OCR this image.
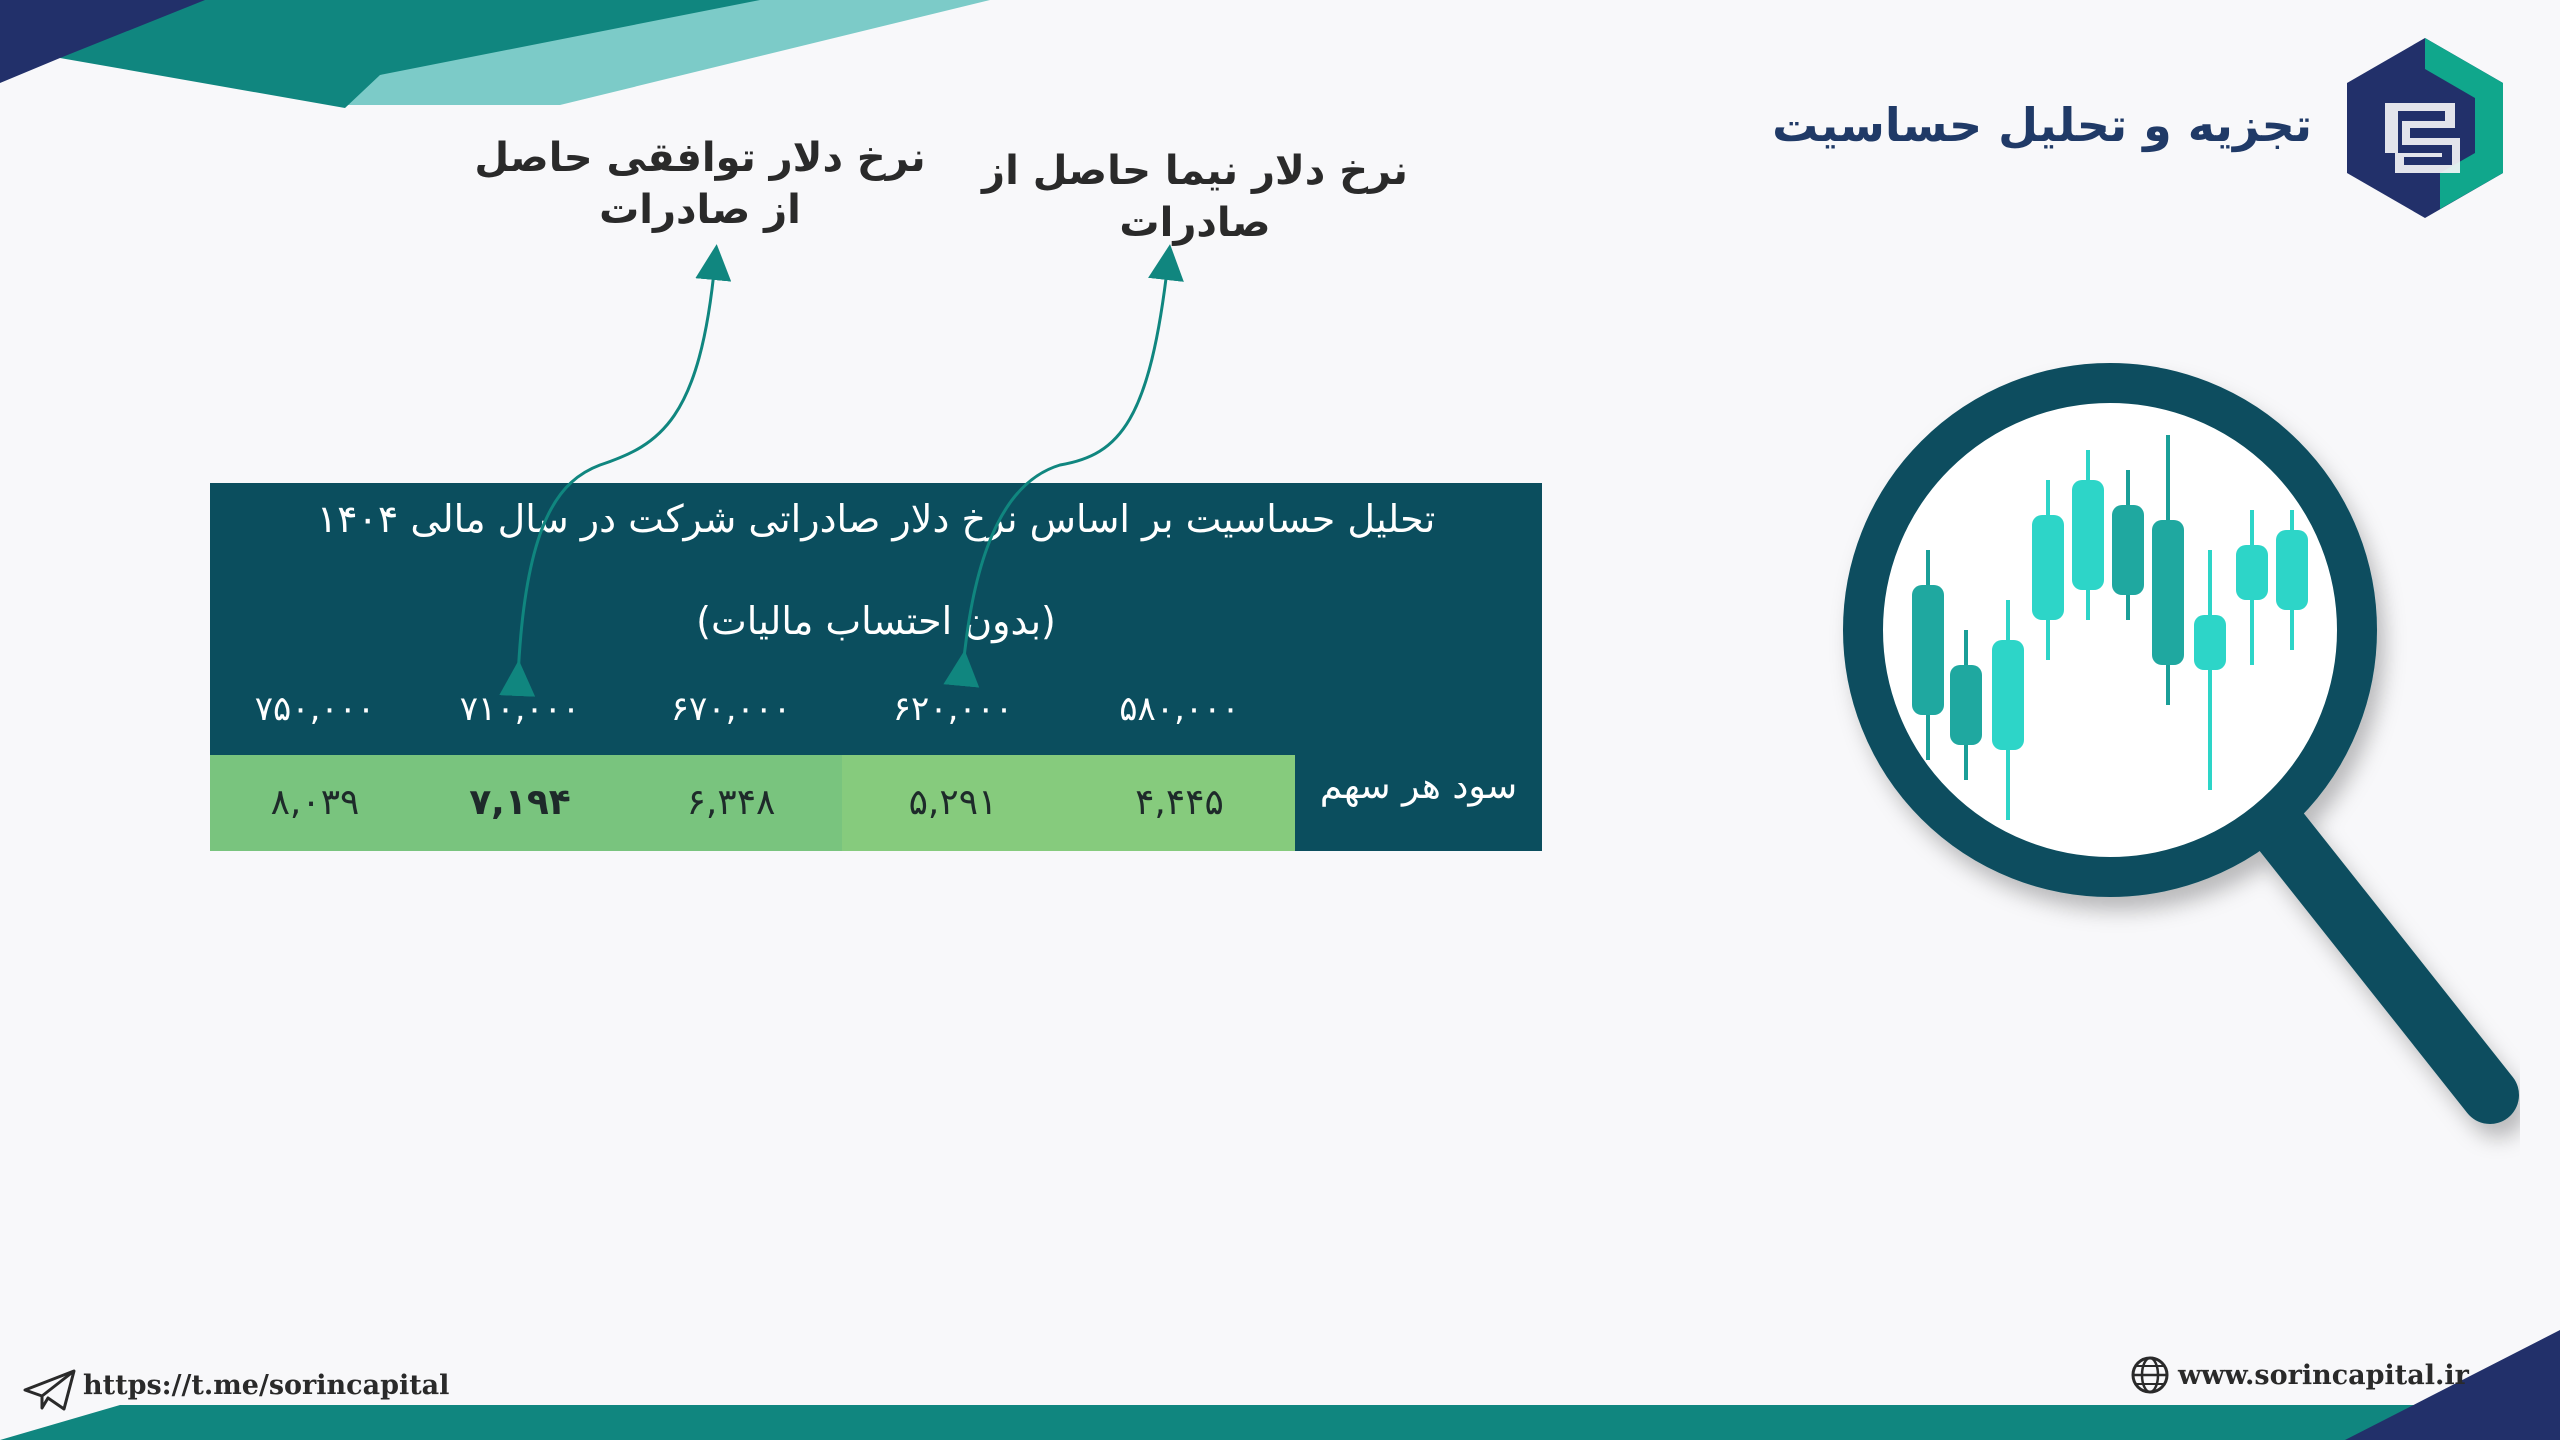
تجزیه و تحلیل حساسیت
نرخ دلار توافقی حاصل
از صادرات
نرخ دلار نیما حاصل از
صادرات
تحلیل حساسیت بر اساس نرخ دلار صادراتی شرکت در سال مالی ۱۴۰۴
(بدون احتساب مالیات)
۷۵۰,۰۰۰	۷۱۰,۰۰۰	۶۷۰,۰۰۰	۶۲۰,۰۰۰	۵۸۰,۰۰۰
سود هر سهم
۸,۰۳۹	۷,۱۹۴	۶,۳۴۸	۵,۲۹۱	۴,۴۴۵
https://t.me/sorincapital	www.sorincapital.ir
